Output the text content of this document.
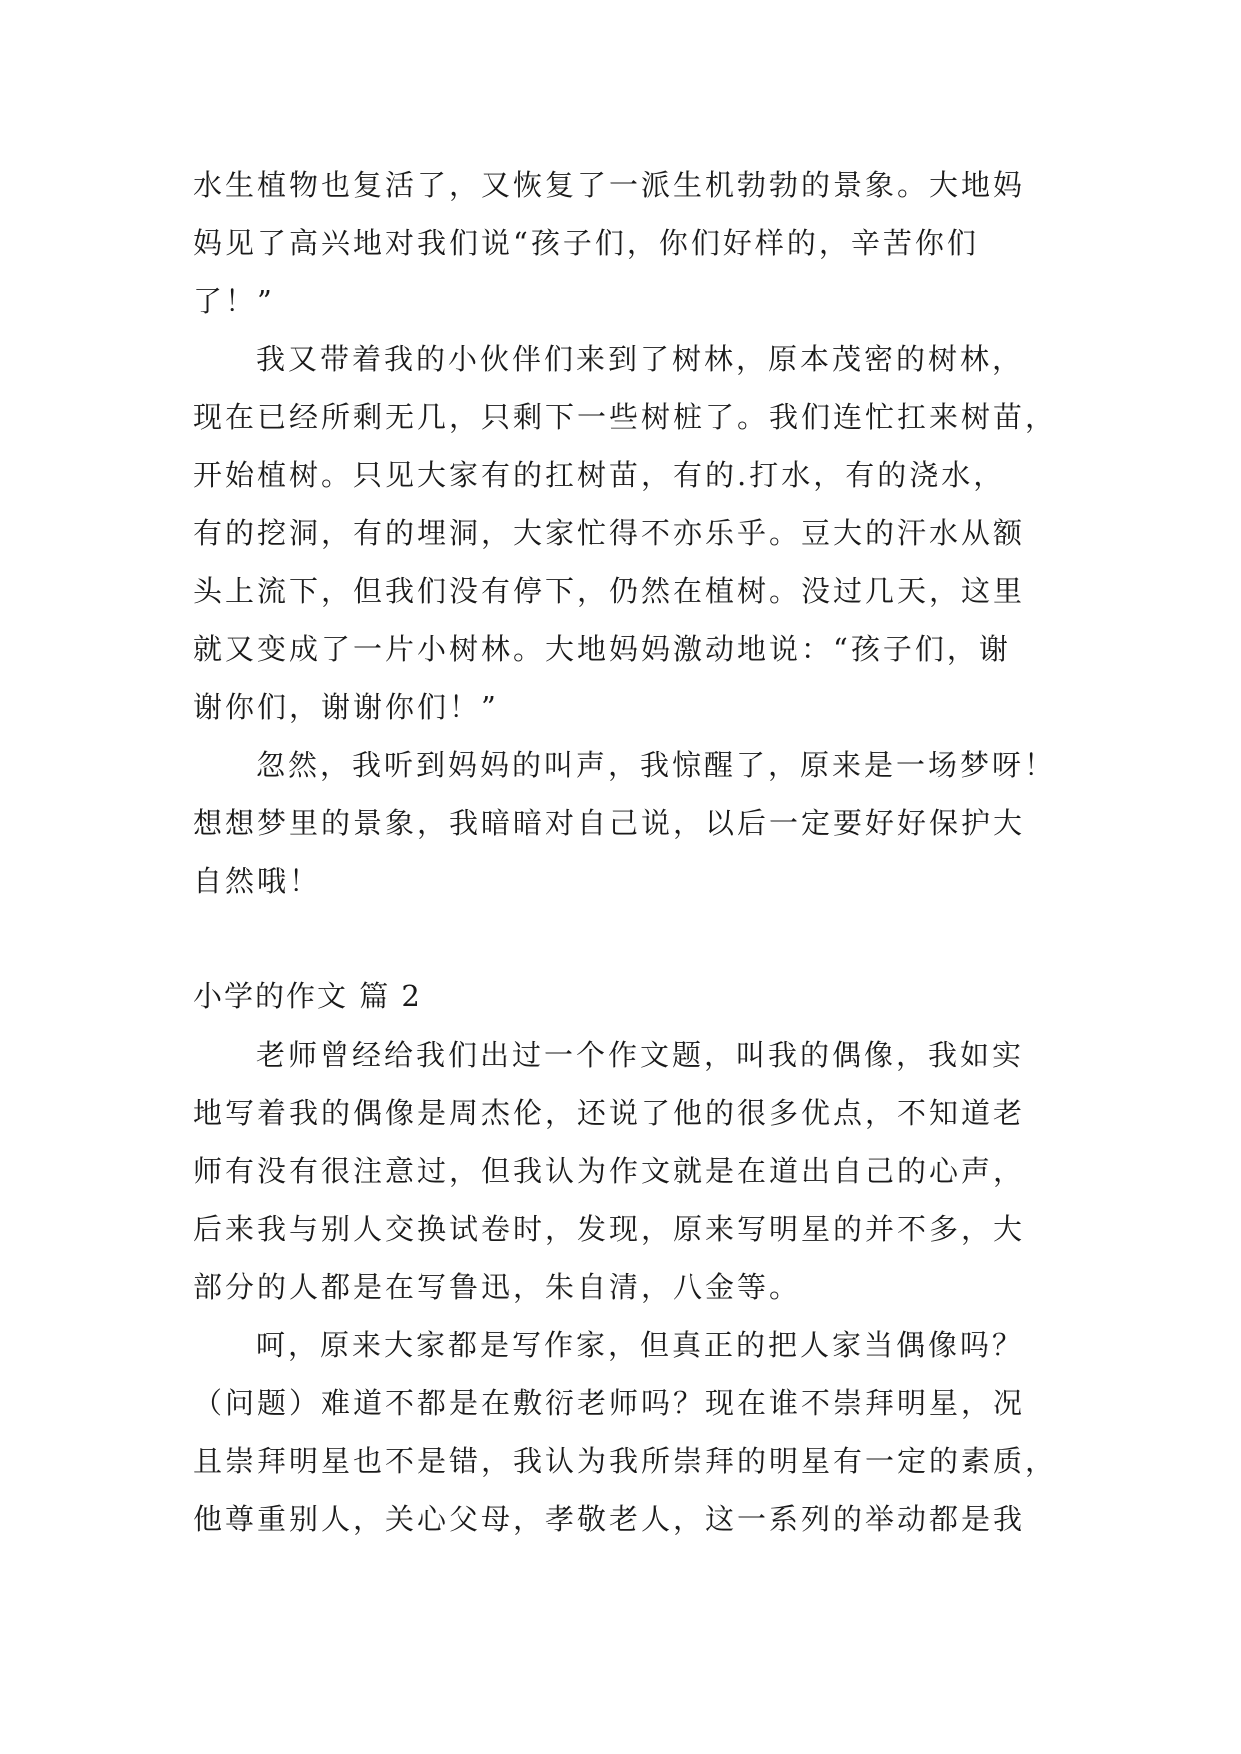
水生植物也复活了，又恢复了一派生机勃勃的景象。大地妈
妈见了高兴地对我们说“孩子们，你们好样的，辛苦你们
了！”
我又带着我的小伙伴们来到了树林，原本茂密的树林，
现在已经所剩无几，只剩下一些树桩了。我们连忙扛来树苗，
开始植树。只见大家有的扛树苗，有的.打水，有的浇水，
有的挖洞，有的埋洞，大家忙得不亦乐乎。豆大的汗水从额
头上流下，但我们没有停下，仍然在植树。没过几天，这里
就又变成了一片小树林。大地妈妈激动地说：“孩子们，谢
谢你们，谢谢你们！”
忽然，我听到妈妈的叫声，我惊醒了，原来是一场梦呀！
想想梦里的景象，我暗暗对自己说，以后一定要好好保护大
自然哦！
小学的作文 篇 2
老师曾经给我们出过一个作文题，叫我的偶像，我如实
地写着我的偶像是周杰伦，还说了他的很多优点，不知道老
师有没有很注意过，但我认为作文就是在道出自己的心声，
后来我与别人交换试卷时，发现，原来写明星的并不多，大
部分的人都是在写鲁迅，朱自清，八金等。
呵，原来大家都是写作家，但真正的把人家当偶像吗？
（问题）难道不都是在敷衍老师吗？现在谁不崇拜明星，况
且崇拜明星也不是错，我认为我所崇拜的明星有一定的素质，
他尊重别人，关心父母，孝敬老人，这一系列的举动都是我
